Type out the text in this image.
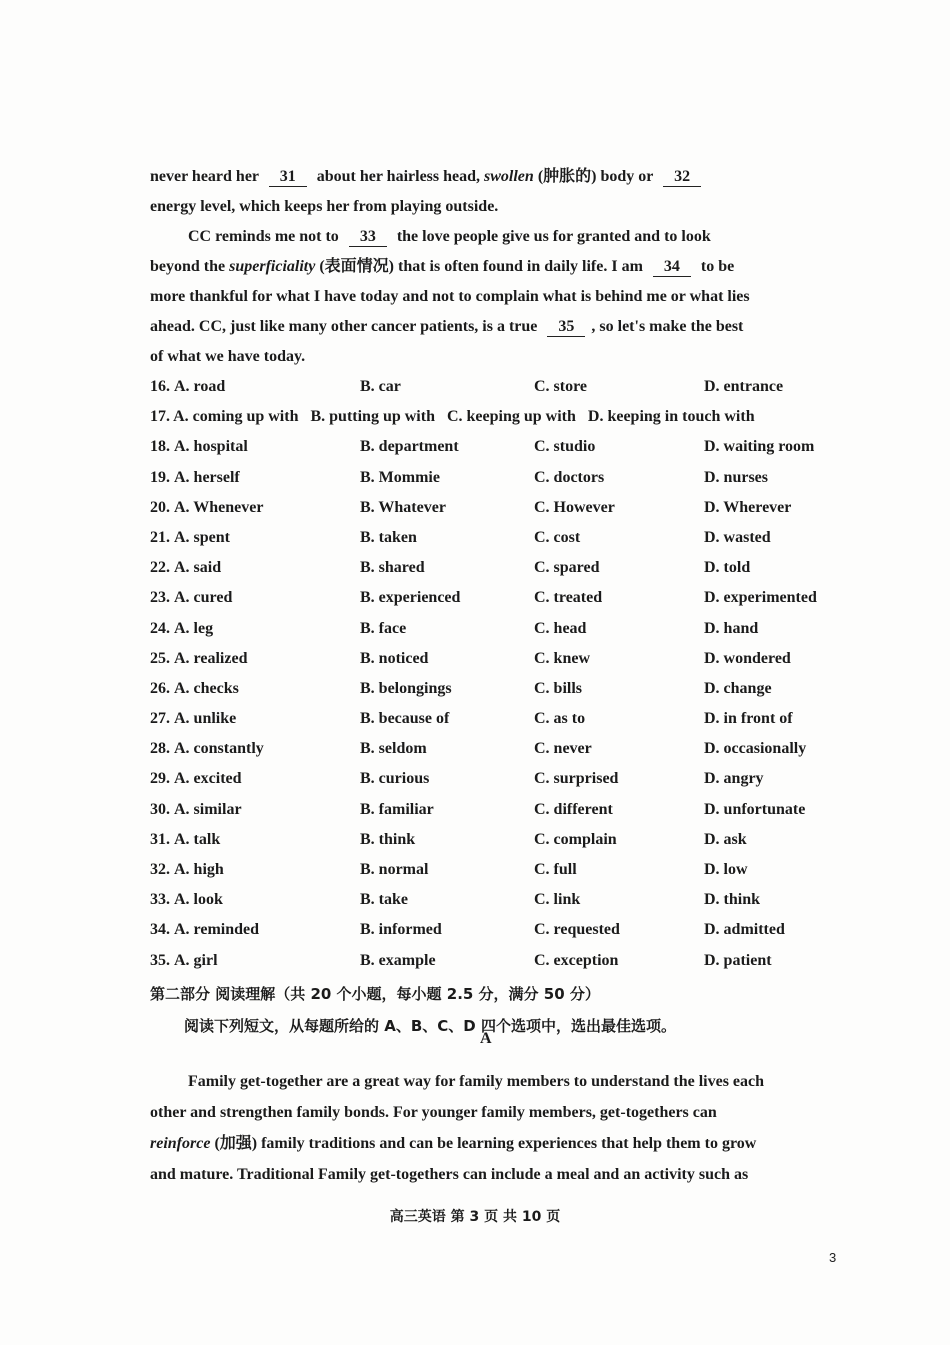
never heard her 31 about her hairless head, swollen (肿胀的) body or 32
energy level, which keeps her from playing outside.
CC reminds me not to 33 the love people give us for granted and to look
beyond the superficiality (表面情况) that is often found in daily life. I am 34 to be
more thankful for what I have today and not to complain what is behind me or what lies
ahead. CC, just like many other cancer patients, is a true 35 , so let's make the best
of what we have today.
16. A. road	B. car	C. store	D. entrance
17. A. coming up with B. putting up with C. keeping up with D. keeping in touch with
18. A. hospital	B. department	C. studio	D. waiting room
19. A. herself	B. Mommie	C. doctors	D. nurses
20. A. Whenever	B. Whatever	C. However	D. Wherever
21. A. spent	B. taken	C. cost	D. wasted
22. A. said	B. shared	C. spared	D. told
23. A. cured	B. experienced	C. treated	D. experimented
24. A. leg	B. face	C. head	D. hand
25. A. realized	B. noticed	C. knew	D. wondered
26. A. checks	B. belongings	C. bills	D. change
27. A. unlike	B. because of	C. as to	D. in front of
28. A. constantly	B. seldom	C. never	D. occasionally
29. A. excited	B. curious	C. surprised	D. angry
30. A. similar	B. familiar	C. different	D. unfortunate
31. A. talk	B. think	C. complain	D. ask
32. A. high	B. normal	C. full	D. low
33. A. look	B. take	C. link	D. think
34. A. reminded	B. informed	C. requested	D. admitted
35. A. girl	B. example	C. exception	D. patient
第二部分 阅读理解（共 20 个小题，每小题 2.5 分，满分 50 分）
阅读下列短文，从每题所给的 A、B、C、D 四个选项中，选出最佳选项。
A
Family get-together are a great way for family members to understand the lives each
other and strengthen family bonds. For younger family members, get-togethers can
reinforce (加强) family traditions and can be learning experiences that help them to grow
and mature. Traditional Family get-togethers can include a meal and an activity such as
高三英语 第 3 页 共 10 页
3
